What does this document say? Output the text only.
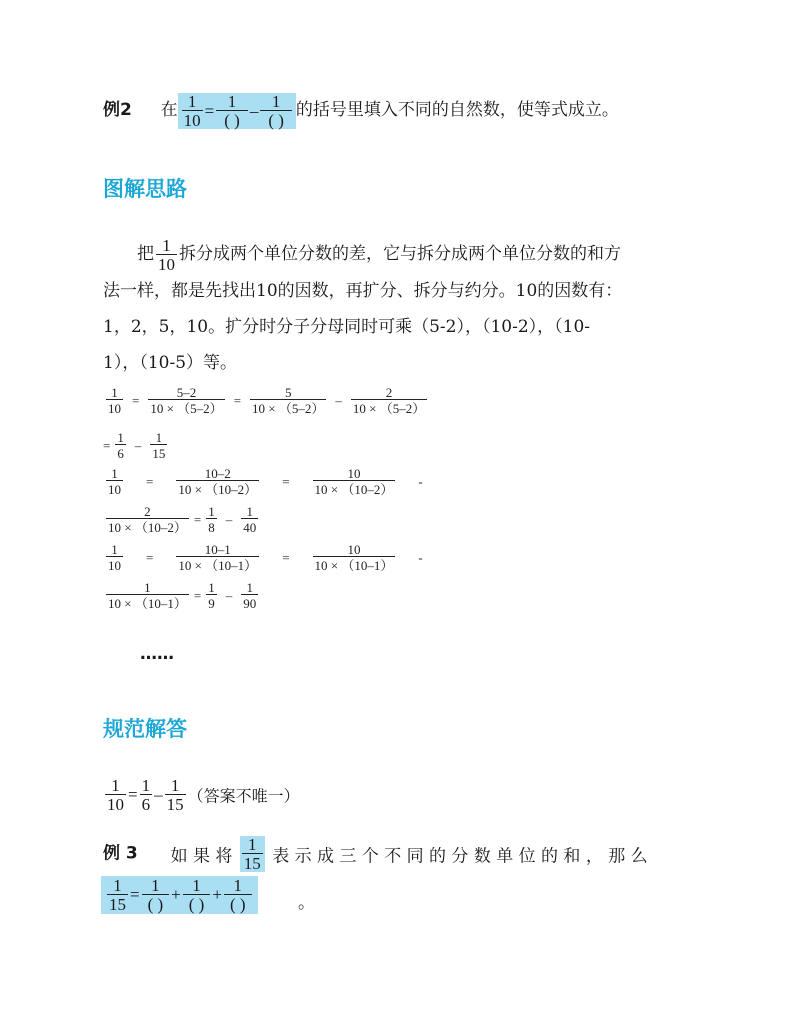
例2 在 $\frac{1}{10} = \frac{1}{( )} - \frac{1}{( )}$ 的括号里填入不同的自然数，使等式成立。
图解思路
把 $\frac{1}{10}$ 拆分成两个单位分数的差，它与拆分成两个单位分数的和方
法一样，都是先找出10的因数，再扩分、拆分与约分。10的因数有：
1，2，5，10。扩分时分子分母同时可乘（5-2），（10-2），（10-
1），（10-5）等。
$\frac{1}{10} = \frac{5-2}{10 \times (5-2)} = \frac{5}{10 \times (5-2)} - \frac{2}{10 \times (5-2)}$
= $\frac{1}{6} - \frac{1}{15}$
$\frac{1}{10} = \frac{10-2}{10 \times (10-2)} = \frac{10}{10 \times (10-2)}$ -
$\frac{2}{10 \times (10-2)} = \frac{1}{8} - \frac{1}{40}$
$\frac{1}{10} = \frac{10-1}{10 \times (10-1)} = \frac{10}{10 \times (10-1)}$ -
$\frac{1}{10 \times (10-1)} = \frac{1}{9} - \frac{1}{90}$
……
规范解答
$\frac{1}{10} = \frac{1}{6} - \frac{1}{15}$ （答案不唯一）
例 3 如 果 将 $\frac{1}{15}$ 表 示 成 三 个 不 同 的 分 数 单 位 的 和 ， 那 么
$\frac{1}{15} = \frac{1}{( )} + \frac{1}{( )} + \frac{1}{( )}$	。
